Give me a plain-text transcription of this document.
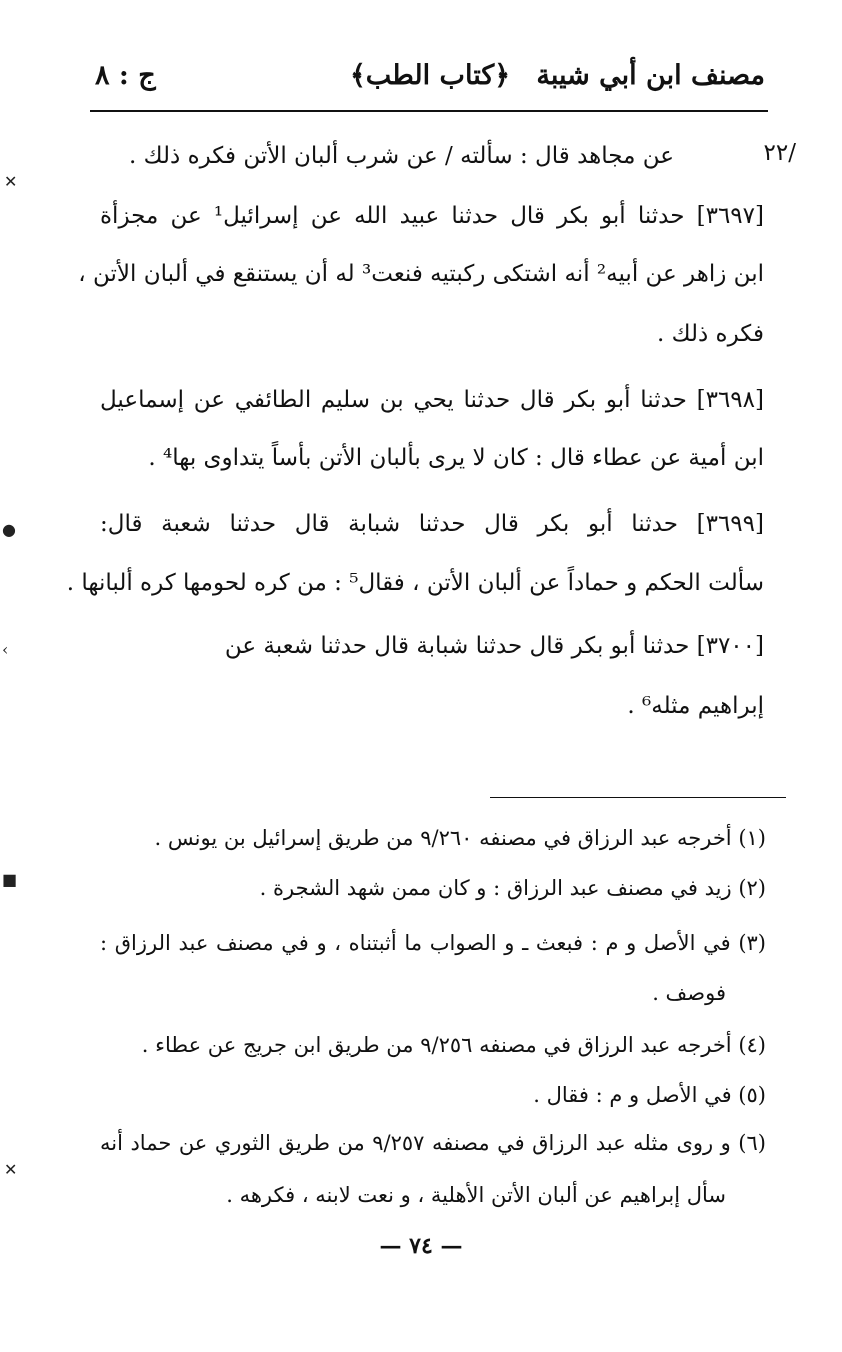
مصنف ابن أبي شيبة
﴿كتاب الطب﴾
ج : ٨
٢٢/

عن مجاهد قال : سألته / عن شرب ألبان الأتن فكره ذلك .

[٣٦٩٧] حدثنا أبو بكر قال حدثنا عبيد الله عن إسرائيل¹ عن مجزأة

ابن زاهر عن أبيه² أنه اشتكى ركبتيه فنعت³ له أن يستنقع في ألبان الأتن ،

فكره ذلك .

[٣٦٩٨] حدثنا أبو بكر قال حدثنا يحي بن سليم الطائفي عن إسماعيل

ابن أمية عن عطاء قال : كان لا يرى بألبان الأتن بأساً يتداوى بها⁴ .

[٣٦٩٩] حدثنا أبو بكر قال حدثنا شبابة قال حدثنا شعبة قال:

سألت الحكم و حماداً عن ألبان الأتن ، فقال⁵ : من كره لحومها كره ألبانها .

[٣٧٠٠] حدثنا أبو بكر قال حدثنا شبابة قال حدثنا شعبة عن

إبراهيم مثله⁶ .

(١) أخرجه عبد الرزاق في مصنفه ٩/٢٦٠ من طريق إسرائيل بن يونس .

(٢) زيد في مصنف عبد الرزاق : و كان ممن شهد الشجرة .

(٣) في الأصل و م : فبعث ـ و الصواب ما أثبتناه ، و في مصنف عبد الرزاق :

فوصف .

(٤) أخرجه عبد الرزاق في مصنفه ٩/٢٥٦ من طريق ابن جريج عن عطاء .

(٥) في الأصل و م : فقال .

(٦) و روى مثله عبد الرزاق في مصنفه ٩/٢٥٧ من طريق الثوري عن حماد أنه

سأل إبراهيم عن ألبان الأتن الأهلية ، و نعت لابنه ، فكرهه .

— ٧٤ —
✕
●
‹
■
✕
